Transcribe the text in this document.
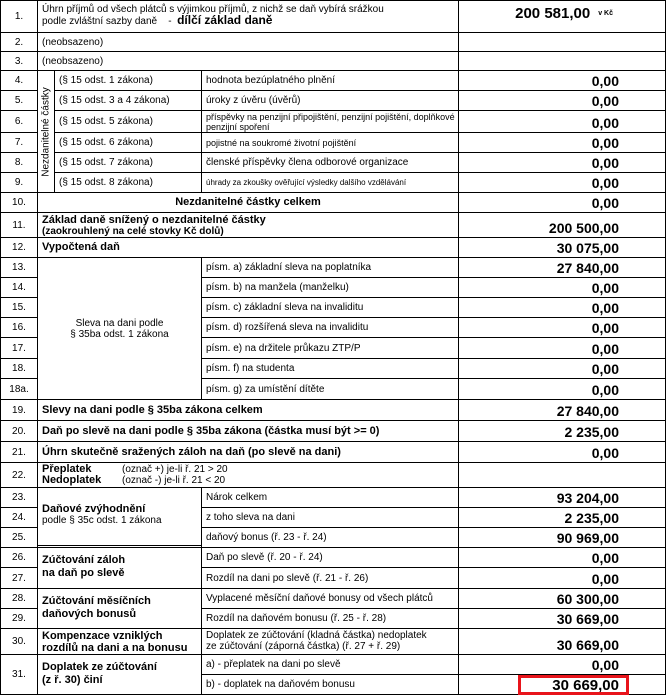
1.
Úhrn příjmů od všech plátců s výjimkou příjmů, z nichž se daň vybírá srážkou
podle zvláštní sazby daně    -  dílčí základ daně	200 581,00 v Kč
2.	(neobsazeno)
3.	(neobsazeno)
Nezdanitelné částky
4.	(§ 15 odst. 1 zákona)	hodnota bezúplatného plnění	0,00
5.	(§ 15 odst. 3 a 4 zákona)	úroky z úvěru (úvěrů)	0,00
6.	(§ 15 odst. 5 zákona)	příspěvky na penzijní připojištění, penzijní pojištění, doplňkové penzijní spoření	0,00
7.	(§ 15 odst. 6 zákona)	pojistné na soukromé životní pojištění	0,00
8.	(§ 15 odst. 7 zákona)	členské příspěvky člena odborové organizace	0,00
9.	(§ 15 odst. 8 zákona)	úhrady za zkoušky ověřující výsledky dalšího vzdělávání	0,00
10.	Nezdanitelné částky celkem	0,00
11.	Základ daně snížený o nezdanitelné částky
(zaokrouhlený na celé stovky Kč dolů)	200 500,00
12.	Vypočtená daň	30 075,00
Sleva na dani podle
§ 35ba odst. 1 zákona
13.	písm. a) základní sleva na poplatníka	27 840,00
14.	písm. b) na manžela (manželku)	0,00
15.	písm. c) základní sleva na invaliditu	0,00
16.	písm. d) rozšířená sleva na invaliditu	0,00
17.	písm. e) na držitele průkazu ZTP/P	0,00
18.	písm. f) na studenta	0,00
18a.	písm. g) za umístění dítěte	0,00
19.	Slevy na dani podle § 35ba zákona celkem	27 840,00
20.	Daň po slevě na dani podle § 35ba zákona (částka musí být >= 0)	2 235,00
21.	Úhrn skutečně sražených záloh na daň (po slevě na dani)	0,00
22.	Přeplatek	(označ +) je-li ř. 21 > 20
Nedoplatek	(označ -) je-li ř. 21 < 20
Daňové zvýhodnění
podle § 35c odst. 1 zákona
23.	Nárok celkem	93 204,00
24.	z toho sleva na dani	2 235,00
25.	daňový bonus (ř. 23 - ř. 24)	90 969,00
Zúčtování záloh
na daň po slevě
26.	Daň po slevě (ř. 20 - ř. 24)	0,00
27.	Rozdíl na dani po slevě (ř. 21 - ř. 26)	0,00
Zúčtování měsíčních
daňových bonusů
28.	Vyplacené měsíční daňové bonusy od všech plátců	60 300,00
29.	Rozdíl na daňovém bonusu (ř. 25 - ř. 28)	30 669,00
30.	Kompenzace vzniklých
rozdílů na dani a na bonusu
Doplatek ze zúčtování (kladná částka) nedoplatek
ze zúčtování (záporná částka) (ř. 27 + ř. 29)	30 669,00
31.
Doplatek ze zúčtování
(z ř. 30) činí
a) - přeplatek na dani po slevě	0,00
b) - doplatek na daňovém bonusu	30 669,00
